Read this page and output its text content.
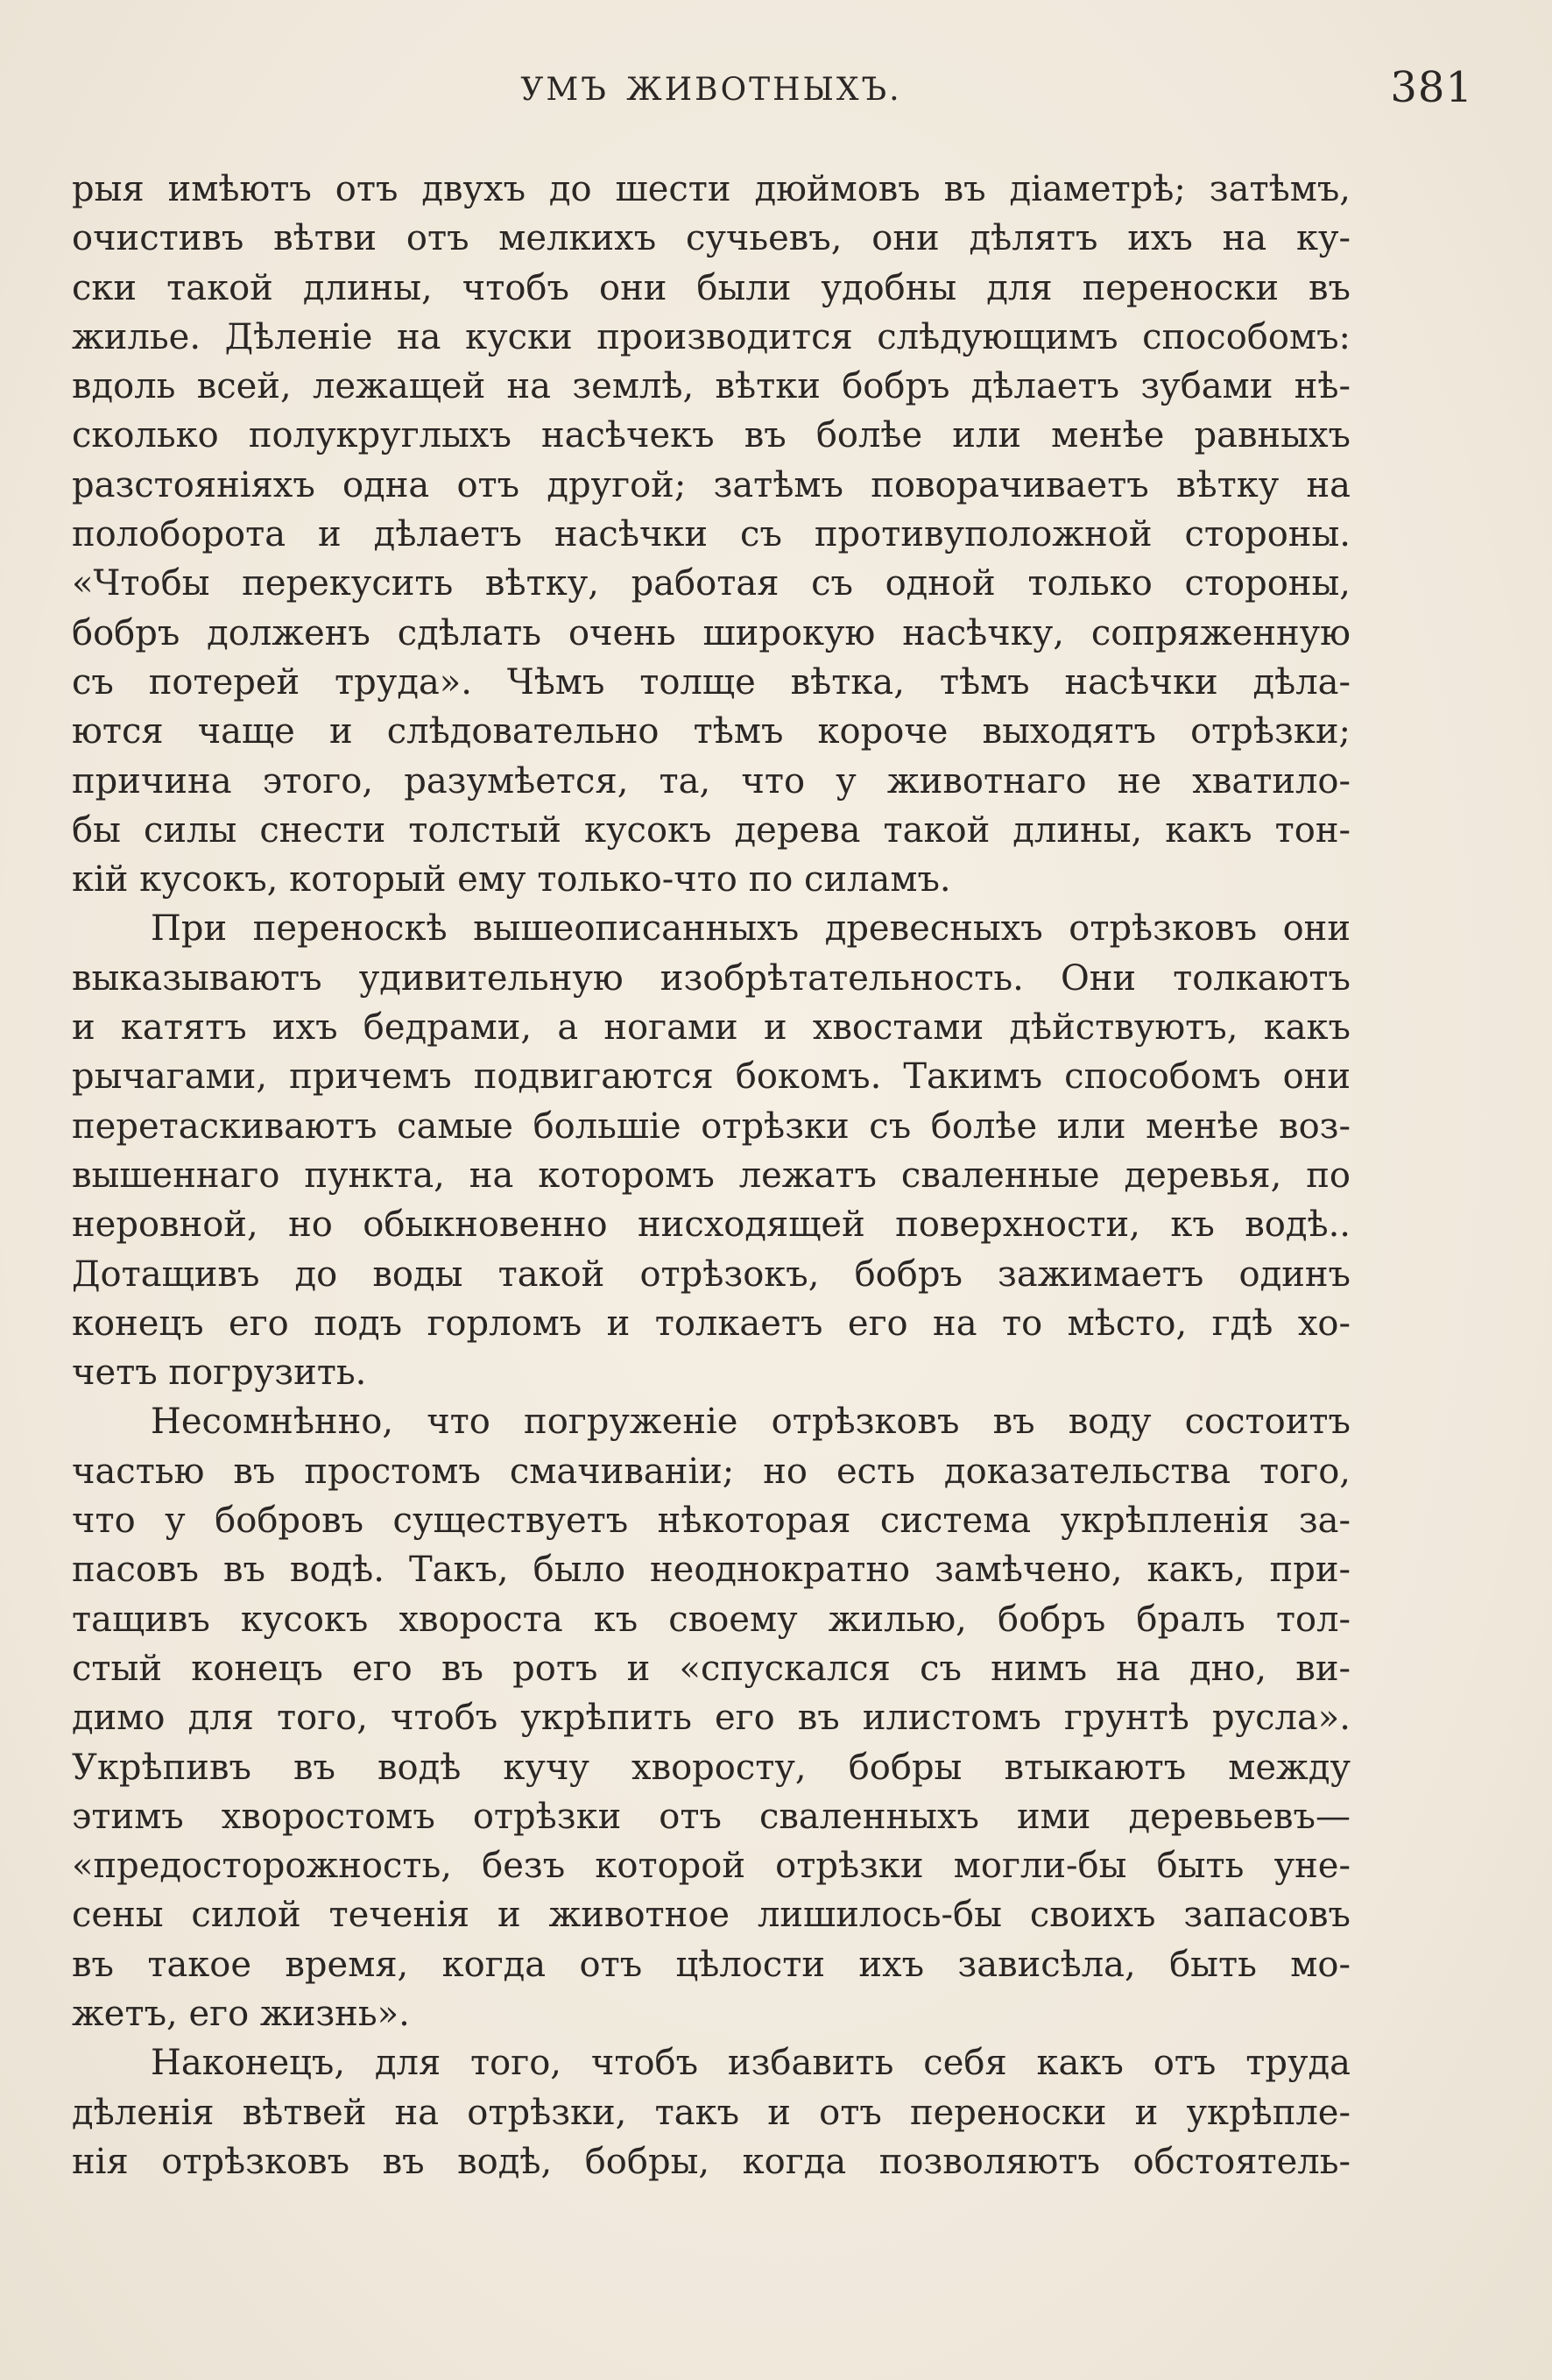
УМЪ ЖИВОТНЫХЪ.	381
рыя имѣютъ отъ двухъ до шести дюймовъ въ діаметрѣ; затѣмъ,
очистивъ вѣтви отъ мелкихъ сучьевъ, они дѣлятъ ихъ на ку-
ски такой длины, чтобъ они были удобны для переноски въ
жилье. Дѣленіе на куски производится слѣдующимъ способомъ:
вдоль всей, лежащей на землѣ, вѣтки бобръ дѣлаетъ зубами нѣ-
сколько полукруглыхъ насѣчекъ въ болѣе или менѣе равныхъ
разстояніяхъ одна отъ другой; затѣмъ поворачиваетъ вѣтку на
полоборота и дѣлаетъ насѣчки съ противуположной стороны.
«Чтобы перекусить вѣтку, работая съ одной только стороны,
бобръ долженъ сдѣлать очень широкую насѣчку, сопряженную
съ потерей труда». Чѣмъ толще вѣтка, тѣмъ насѣчки дѣла-
ются чаще и слѣдовательно тѣмъ короче выходятъ отрѣзки;
причина этого, разумѣется, та, что у животнаго не хватило-
бы силы снести толстый кусокъ дерева такой длины, какъ тон-
кій кусокъ, который ему только-что по силамъ.
При переноскѣ вышеописанныхъ древесныхъ отрѣзковъ они
выказываютъ удивительную изобрѣтательность. Они толкаютъ
и катятъ ихъ бедрами, а ногами и хвостами дѣйствуютъ, какъ
рычагами, причемъ подвигаются бокомъ. Такимъ способомъ они
перетаскиваютъ самые большіе отрѣзки съ болѣе или менѣе воз-
вышеннаго пункта, на которомъ лежатъ сваленные деревья, по
неровной, но обыкновенно нисходящей поверхности, къ водѣ..
Дотащивъ до воды такой отрѣзокъ, бобръ зажимаетъ одинъ
конецъ его подъ горломъ и толкаетъ его на то мѣсто, гдѣ хо-
четъ погрузить.
Несомнѣнно, что погруженіе отрѣзковъ въ воду состоитъ
частью въ простомъ смачиваніи; но есть доказательства того,
что у бобровъ существуетъ нѣкоторая система укрѣпленія за-
пасовъ въ водѣ. Такъ, было неоднократно замѣчено, какъ, при-
тащивъ кусокъ хвороста къ своему жилью, бобръ бралъ тол-
стый конецъ его въ ротъ и «спускался съ нимъ на дно, ви-
димо для того, чтобъ укрѣпить его въ илистомъ грунтѣ русла».
Укрѣпивъ въ водѣ кучу хворосту, бобры втыкаютъ между
этимъ хворостомъ отрѣзки отъ сваленныхъ ими деревьевъ—
«предосторожность, безъ которой отрѣзки могли-бы быть уне-
сены силой теченія и животное лишилось-бы своихъ запасовъ
въ такое время, когда отъ цѣлости ихъ зависѣла, быть мо-
жетъ, его жизнь».
Наконецъ, для того, чтобъ избавить себя какъ отъ труда
дѣленія вѣтвей на отрѣзки, такъ и отъ переноски и укрѣпле-
нія отрѣзковъ въ водѣ, бобры, когда позволяютъ обстоятель-
